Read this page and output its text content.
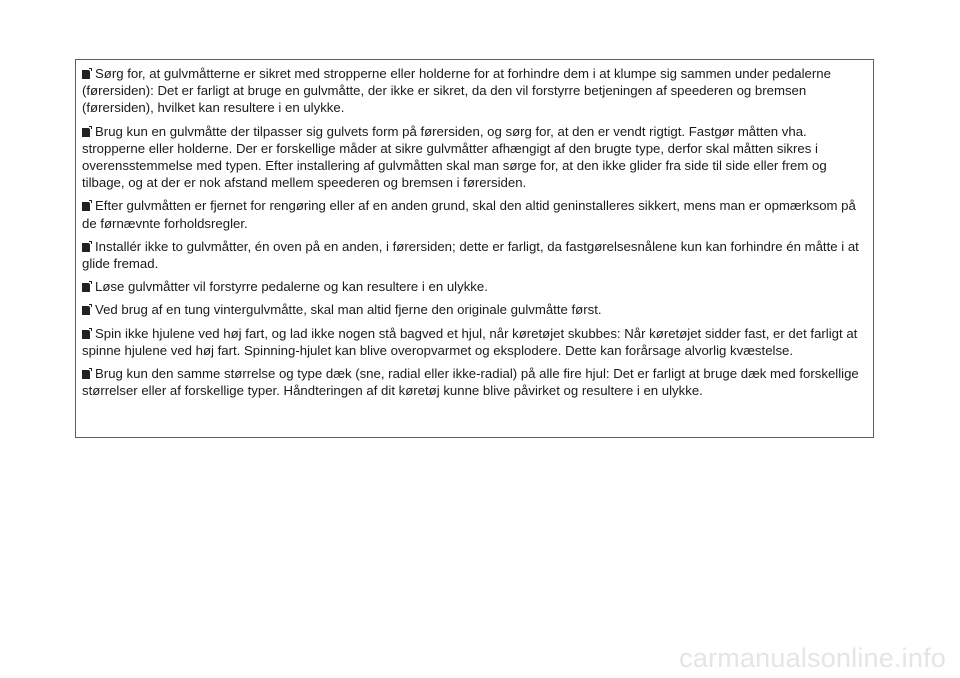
Sørg for, at gulvmåtterne er sikret med stropperne eller holderne for at forhindre dem i at klumpe sig sammen under pedalerne (førersiden): Det er farligt at bruge en gulvmåtte, der ikke er sikret, da den vil forstyrre betjeningen af speederen og bremsen (førersiden), hvilket kan resultere i en ulykke.
Brug kun en gulvmåtte der tilpasser sig gulvets form på førersiden, og sørg for, at den er vendt rigtigt. Fastgør måtten vha. stropperne eller holderne. Der er forskellige måder at sikre gulvmåtter afhængigt af den brugte type, derfor skal måtten sikres i overensstemmelse med typen. Efter installering af gulvmåtten skal man sørge for, at den ikke glider fra side til side eller frem og tilbage, og at der er nok afstand mellem speederen og bremsen i førersiden.
Efter gulvmåtten er fjernet for rengøring eller af en anden grund, skal den altid geninstalleres sikkert, mens man er opmærksom på de førnævnte forholdsregler.
Installér ikke to gulvmåtter, én oven på en anden, i førersiden; dette er farligt, da fastgørelsesnålene kun kan forhindre én måtte i at glide fremad.
Løse gulvmåtter vil forstyrre pedalerne og kan resultere i en ulykke.
Ved brug af en tung vintergulvmåtte, skal man altid fjerne den originale gulvmåtte først.
Spin ikke hjulene ved høj fart, og lad ikke nogen stå bagved et hjul, når køretøjet skubbes: Når køretøjet sidder fast, er det farligt at spinne hjulene ved høj fart. Spinning-hjulet kan blive overopvarmet og eksplodere. Dette kan forårsage alvorlig kvæstelse.
Brug kun den samme størrelse og type dæk (sne, radial eller ikke-radial) på alle fire hjul: Det er farligt at bruge dæk med forskellige størrelser eller af forskellige typer. Håndteringen af dit køretøj kunne blive påvirket og resultere i en ulykke.
carmanualsonline.info
